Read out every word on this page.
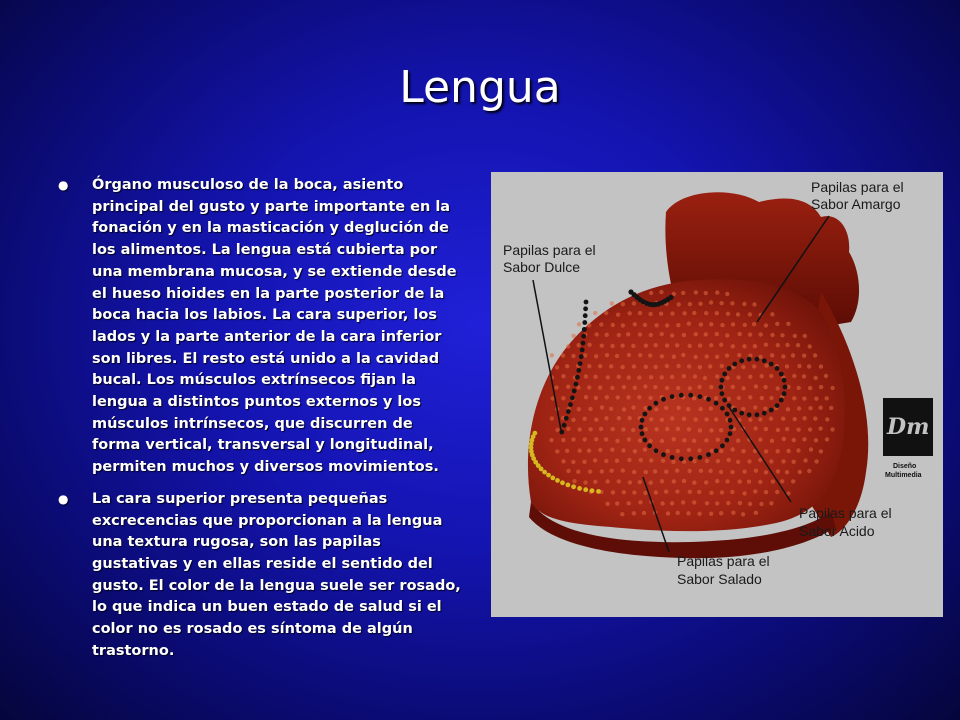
Lengua
● Órgano musculoso de la boca, asiento principal del gusto y parte importante en la fonación y en la masticación y deglución de los alimentos. La lengua está cubierta por una membrana mucosa, y se extiende desde el hueso hioides en la parte posterior de la boca hacia los labios. La cara superior, los lados y la parte anterior de la cara inferior son libres. El resto está unido a la cavidad bucal. Los músculos extrínsecos fijan la lengua a distintos puntos externos y los músculos intrínsecos, que discurren de forma vertical, transversal y longitudinal, permiten muchos y diversos movimientos.
● La cara superior presenta pequeñas excrecencias que proporcionan a la lengua una textura rugosa, son las papilas gustativas y en ellas reside el sentido del gusto. El color de la lengua suele ser rosado, lo que indica un buen estado de salud si el color no es rosado es síntoma de algún trastorno.
Papilas para el
Sabor Amargo
Papilas para el
Sabor Dulce
Papilas para el
Sabor Acido
Papilas para el
Sabor Salado
Dm
Diseño
Multimedia
